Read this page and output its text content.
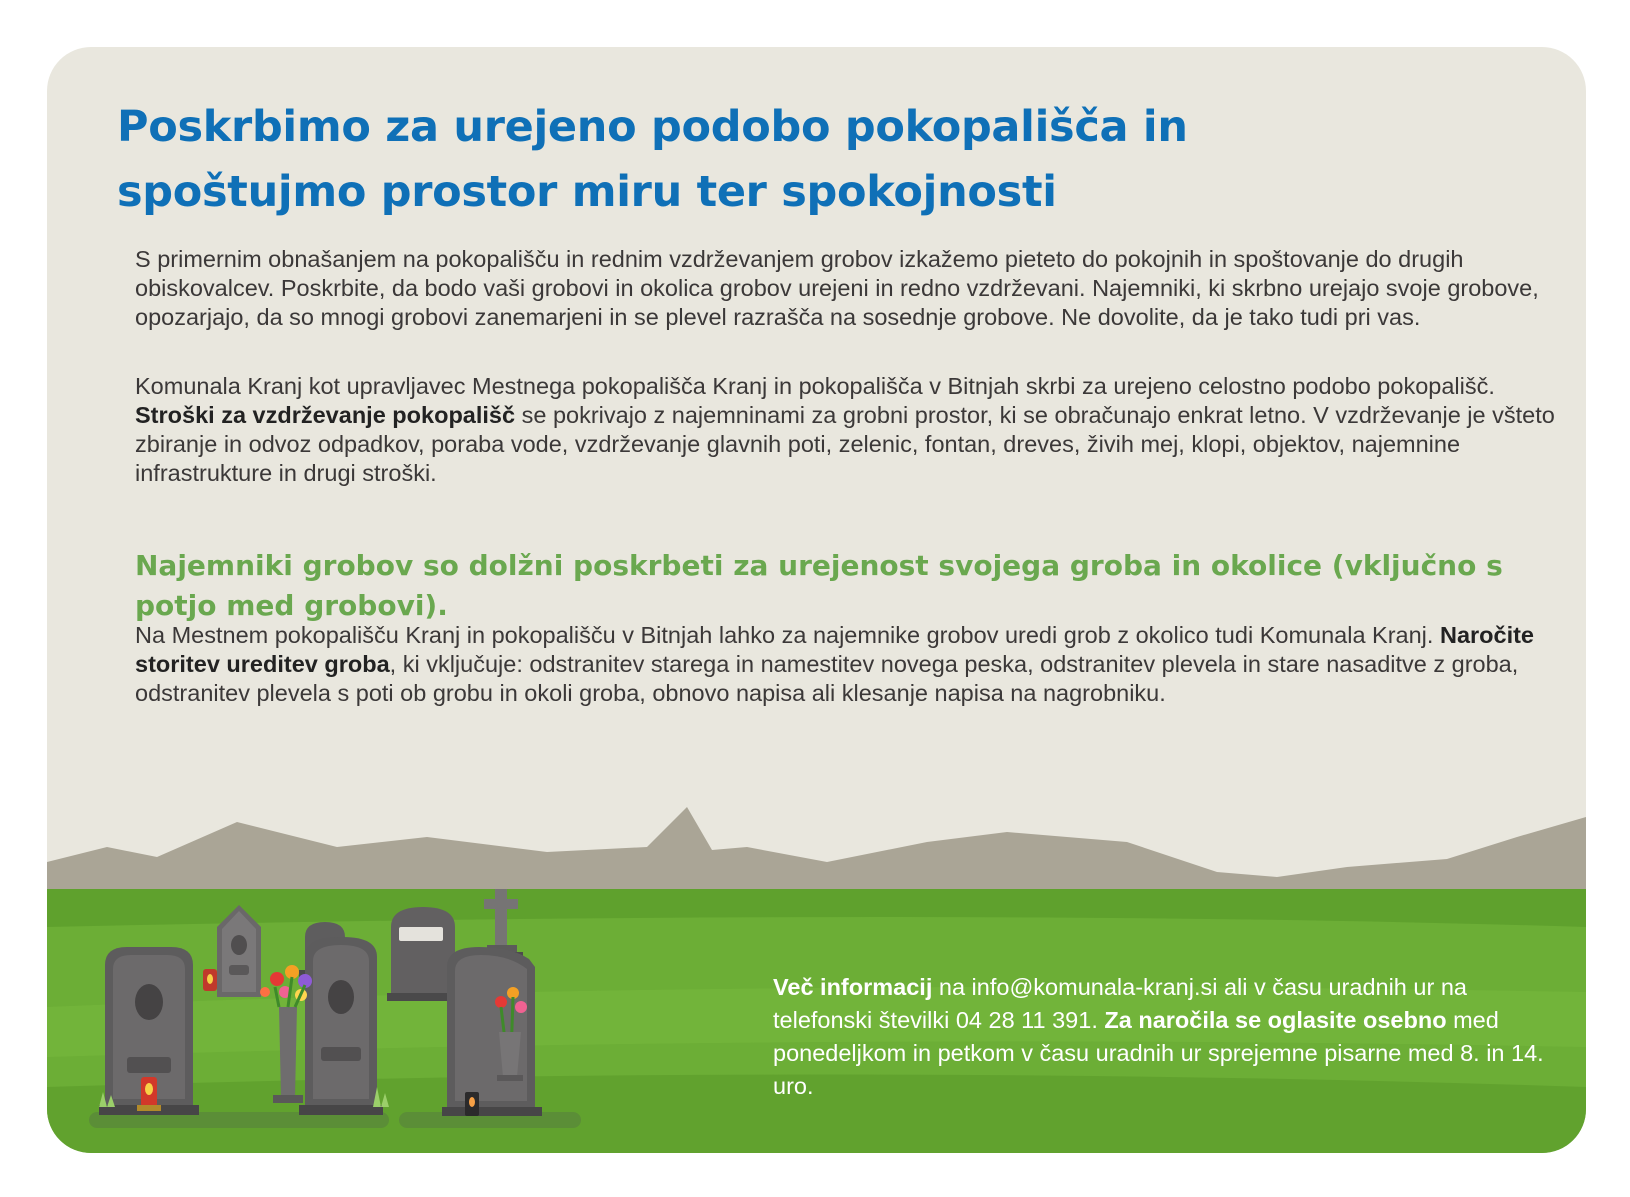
Poskrbimo za urejeno podobo pokopališča in spoštujmo prostor miru ter spokojnosti

S primernim obnašanjem na pokopališču in rednim vzdrževanjem grobov izkažemo pieteto do pokojnih in spoštovanje do drugih obiskovalcev. Poskrbite, da bodo vaši grobovi in okolica grobov urejeni in redno vzdrževani. Najemniki, ki skrbno urejajo svoje grobove, opozarjajo, da so mnogi grobovi zanemarjeni in se plevel razrašča na sosednje grobove. Ne dovolite, da je tako tudi pri vas.

Komunala Kranj kot upravljavec Mestnega pokopališča Kranj in pokopališča v Bitnjah skrbi za urejeno celostno podobo pokopališč. Stroški za vzdrževanje pokopališč se pokrivajo z najemninami za grobni prostor, ki se obračunajo enkrat letno. V vzdrževanje je všteto zbiranje in odvoz odpadkov, poraba vode, vzdrževanje glavnih poti, zelenic, fontan, dreves, živih mej, klopi, objektov, najemnine infrastrukture in drugi stroški.

Najemniki grobov so dolžni poskrbeti za urejenost svojega groba in okolice (vključno s potjo med grobovi).

Na Mestnem pokopališču Kranj in pokopališču v Bitnjah lahko za najemnike grobov uredi grob z okolico tudi Komunala Kranj. Naročite storitev ureditev groba, ki vključuje: odstranitev starega in namestitev novega peska, odstranitev plevela in stare nasaditve z groba, odstranitev plevela s poti ob grobu in okoli groba, obnovo napisa ali klesanje napisa na nagrobniku.

Več informacij na info@komunala-kranj.si ali v času uradnih ur na telefonski številki 04 28 11 391. Za naročila se oglasite osebno med ponedeljkom in petkom v času uradnih ur sprejemne pisarne med 8. in 14. uro.
